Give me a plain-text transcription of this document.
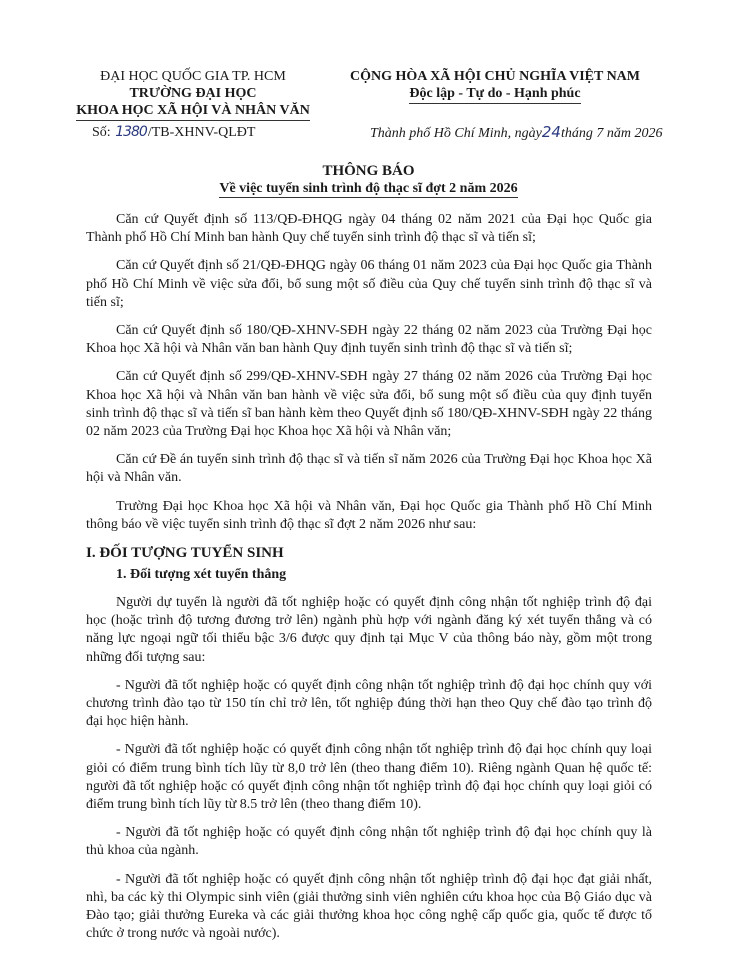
ĐẠI HỌC QUỐC GIA TP. HCM
TRƯỜNG ĐẠI HỌC
KHOA HỌC XÃ HỘI VÀ NHÂN VĂN
CỘNG HÒA XÃ HỘI CHỦ NGHĨA VIỆT NAM
Độc lập - Tự do - Hạnh phúc
Số: 1380/TB-XHNV-QLĐT	Thành phố Hồ Chí Minh, ngày24tháng 7 năm 2026
THÔNG BÁO
Về việc tuyển sinh trình độ thạc sĩ đợt 2 năm 2026

Căn cứ Quyết định số 113/QĐ-ĐHQG ngày 04 tháng 02 năm 2021 của Đại học Quốc gia Thành phố Hồ Chí Minh ban hành Quy chế tuyển sinh trình độ thạc sĩ và tiến sĩ;

Căn cứ Quyết định số 21/QĐ-ĐHQG ngày 06 tháng 01 năm 2023 của Đại học Quốc gia Thành phố Hồ Chí Minh về việc sửa đổi, bổ sung một số điều của Quy chế tuyển sinh trình độ thạc sĩ và tiến sĩ;

Căn cứ Quyết định số 180/QĐ-XHNV-SĐH ngày 22 tháng 02 năm 2023 của Trường Đại học Khoa học Xã hội và Nhân văn ban hành Quy định tuyển sinh trình độ thạc sĩ và tiến sĩ;

Căn cứ Quyết định số 299/QĐ-XHNV-SĐH ngày 27 tháng 02 năm 2026 của Trường Đại học Khoa học Xã hội và Nhân văn ban hành về việc sửa đổi, bổ sung một số điều của quy định tuyển sinh trình độ thạc sĩ và tiến sĩ ban hành kèm theo Quyết định số 180/QĐ-XHNV-SĐH ngày 22 tháng 02 năm 2023 của Trường Đại học Khoa học Xã hội và Nhân văn;

Căn cứ Đề án tuyển sinh trình độ thạc sĩ và tiến sĩ năm 2026 của Trường Đại học Khoa học Xã hội và Nhân văn.

Trường Đại học Khoa học Xã hội và Nhân văn, Đại học Quốc gia Thành phố Hồ Chí Minh thông báo về việc tuyển sinh trình độ thạc sĩ đợt 2 năm 2026 như sau:

I. ĐỐI TƯỢNG TUYỂN SINH
1. Đối tượng xét tuyển thẳng

Người dự tuyển là người đã tốt nghiệp hoặc có quyết định công nhận tốt nghiệp trình độ đại học (hoặc trình độ tương đương trở lên) ngành phù hợp với ngành đăng ký xét tuyển thẳng và có năng lực ngoại ngữ tối thiểu bậc 3/6 được quy định tại Mục V của thông báo này, gồm một trong những đối tượng sau:

- Người đã tốt nghiệp hoặc có quyết định công nhận tốt nghiệp trình độ đại học chính quy với chương trình đào tạo từ 150 tín chỉ trở lên, tốt nghiệp đúng thời hạn theo Quy chế đào tạo trình độ đại học hiện hành.

- Người đã tốt nghiệp hoặc có quyết định công nhận tốt nghiệp trình độ đại học chính quy loại giỏi có điểm trung bình tích lũy từ 8,0 trở lên (theo thang điểm 10). Riêng ngành Quan hệ quốc tế: người đã tốt nghiệp hoặc có quyết định công nhận tốt nghiệp trình độ đại học chính quy loại giỏi có điểm trung bình tích lũy từ 8.5 trở lên (theo thang điểm 10).

- Người đã tốt nghiệp hoặc có quyết định công nhận tốt nghiệp trình độ đại học chính quy là thủ khoa của ngành.

- Người đã tốt nghiệp hoặc có quyết định công nhận tốt nghiệp trình độ đại học đạt giải nhất, nhì, ba các kỳ thi Olympic sinh viên (giải thưởng sinh viên nghiên cứu khoa học của Bộ Giáo dục và Đào tạo; giải thưởng Eureka và các giải thưởng khoa học công nghệ cấp quốc gia, quốc tế được tổ chức ở trong nước và ngoài nước).
